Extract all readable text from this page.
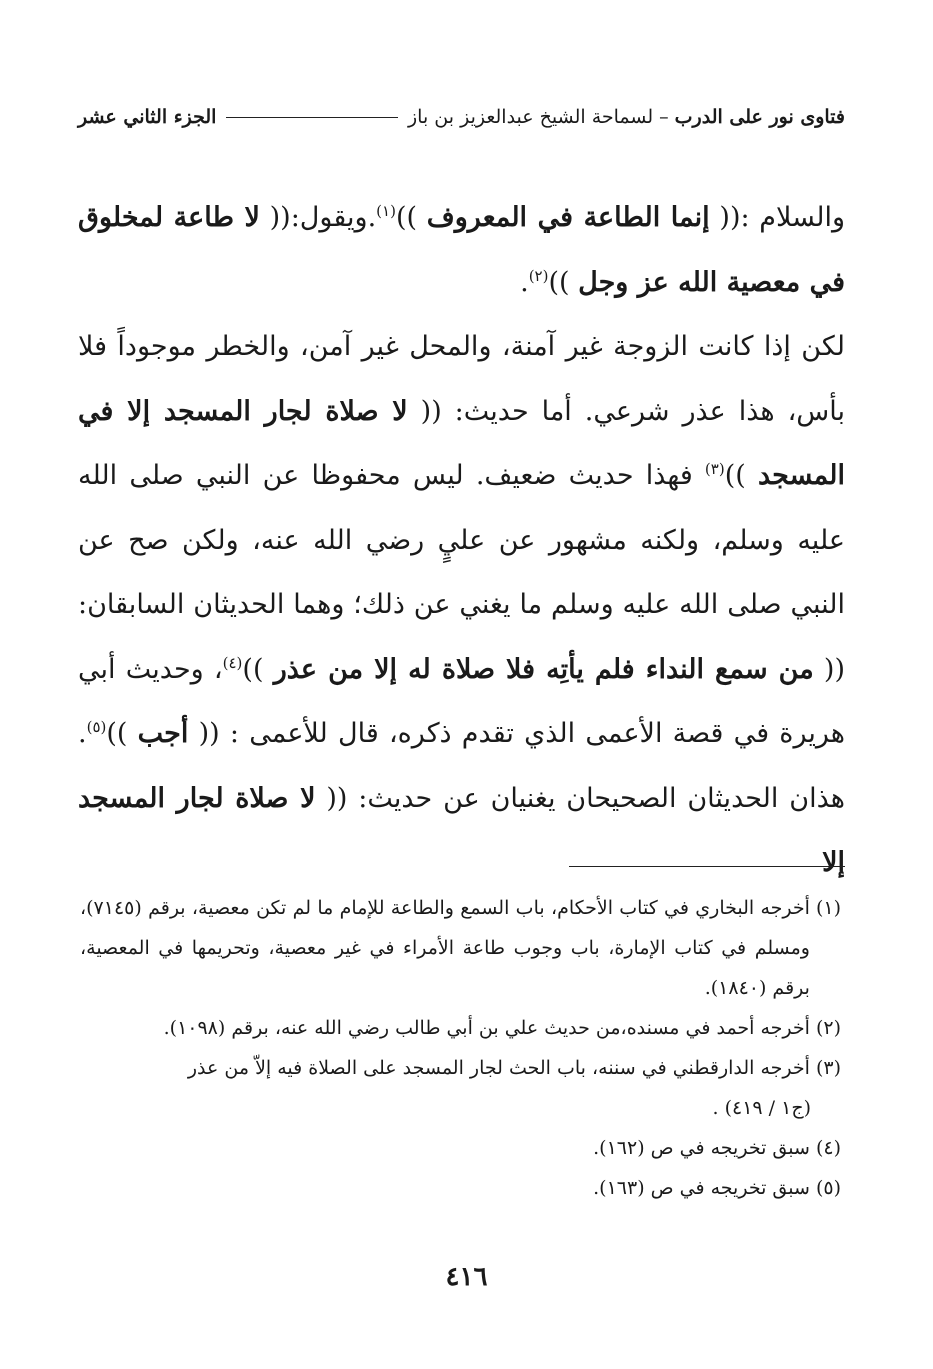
فتاوى نور على الدرب
–
لسماحة الشيخ عبدالعزيز بن باز
الجزء الثاني عشر

والسلام :(( إنما الطاعة في المعروف ))$^{(١)}$.ويقول:(( لا طاعة لمخلوق في معصية الله عز وجل ))$^{(٢)}$.

لكن إذا كانت الزوجة غير آمنة، والمحل غير آمن، والخطر موجوداً فلا بأس، هذا عذر شرعي. أما حديث: (( لا صلاة لجار المسجد إلا في المسجد ))$^{(٣)}$ فهذا حديث ضعيف. ليس محفوظا عن النبي صلى الله عليه وسلم، ولكنه مشهور عن عليٍ رضي الله عنه، ولكن صح عن النبي صلى الله عليه وسلم ما يغني عن ذلك؛ وهما الحديثان السابقان: (( من سمع النداء فلم يأتِه فلا صلاة له إلا من عذر ))$^{(٤)}$، وحديث أبي هريرة في قصة الأعمى الذي تقدم ذكره، قال للأعمى : (( أجب ))$^{(٥)}$. هذان الحديثان الصحيحان يغنيان عن حديث: (( لا صلاة لجار المسجد إلا

(١)
أخرجه البخاري في كتاب الأحكام، باب السمع والطاعة للإمام ما لم تكن معصية، برقم (٧١٤٥)، ومسلم في كتاب الإمارة، باب وجوب طاعة الأمراء في غير معصية، وتحريمها في المعصية، برقم (١٨٤٠).
(٢)
أخرجه أحمد في مسنده،من حديث علي بن أبي طالب رضي الله عنه، برقم (١٠٩٨).
(٣)
أخرجه الدارقطني في سننه، باب الحث لجار المسجد على الصلاة فيه إلاّ من عذر
(ج١ / ٤١٩) .
(٤)
سبق تخريجه في ص (١٦٢).
(٥)
سبق تخريجه في ص (١٦٣).
٤١٦
